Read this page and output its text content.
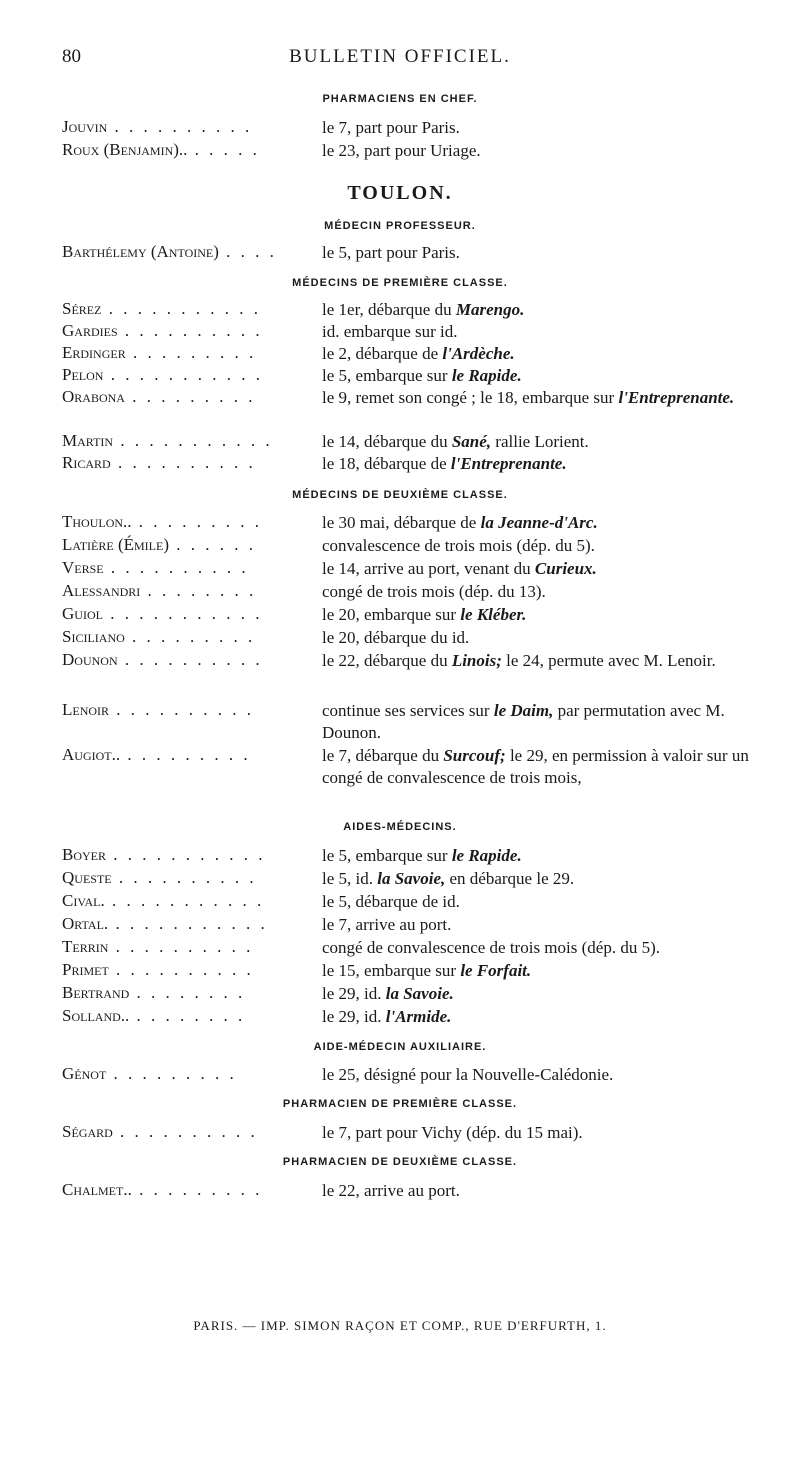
80	BULLETIN OFFICIEL.
PHARMACIENS EN CHEF.
Jouvin . . . . . . . . . .	le 7, part pour Paris.
Roux (Benjamin).. . . . . .	le 23, part pour Uriage.
TOULON.
MÉDECIN PROFESSEUR.
Barthélemy (Antoine) . . . .	le 5, part pour Paris.
MÉDECINS DE PREMIÈRE CLASSE.
Sérez . . . . . . . . . . .	le 1er, débarque du Marengo.
Gardies . . . . . . . . . .	id. embarque sur id.
Erdinger . . . . . . . . .	le 2, débarque de l'Ardèche.
Pelon . . . . . . . . . . .	le 5, embarque sur le Rapide.
Orabona . . . . . . . . .	le 9, remet son congé ; le 18, embarque sur l'Entreprenante.
Martin . . . . . . . . . . .	le 14, débarque du Sané, rallie Lorient.
Ricard . . . . . . . . . .	le 18, débarque de l'Entreprenante.
MÉDECINS DE DEUXIÈME CLASSE.
Thoulon.. . . . . . . . . .	le 30 mai, débarque de la Jeanne-d'Arc.
Latière (Émile) . . . . . .	convalescence de trois mois (dép. du 5).
Verse . . . . . . . . . .	le 14, arrive au port, venant du Curieux.
Alessandri . . . . . . . .	congé de trois mois (dép. du 13).
Guiol . . . . . . . . . . .	le 20, embarque sur le Kléber.
Siciliano . . . . . . . . .	le 20, débarque du id.
Dounon . . . . . . . . . .	le 22, débarque du Linois; le 24, permute avec M. Lenoir.
Lenoir . . . . . . . . . .	continue ses services sur le Daim, par permutation avec M. Dounon.
Augiot.. . . . . . . . . .	le 7, débarque du Surcouf; le 29, en permission à valoir sur un congé de convalescence de trois mois,
AIDES-MÉDECINS.
Boyer . . . . . . . . . . .	le 5, embarque sur le Rapide.
Queste . . . . . . . . . .	le 5, id. la Savoie, en débarque le 29.
Cival. . . . . . . . . . . .	le 5, débarque de id.
Ortal. . . . . . . . . . . .	le 7, arrive au port.
Terrin . . . . . . . . . .	congé de convalescence de trois mois (dép. du 5).
Primet . . . . . . . . . .	le 15, embarque sur le Forfait.
Bertrand . . . . . . . .	le 29, id. la Savoie.
Solland.. . . . . . . . .	le 29, id. l'Armide.
AIDE-MÉDECIN AUXILIAIRE.
Génot . . . . . . . . .	le 25, désigné pour la Nouvelle-Calédonie.
PHARMACIEN DE PREMIÈRE CLASSE.
Ségard . . . . . . . . . .	le 7, part pour Vichy (dép. du 15 mai).
PHARMACIEN DE DEUXIÈME CLASSE.
Chalmet.. . . . . . . . . .	le 22, arrive au port.
PARIS. — IMP. SIMON RAÇON ET COMP., RUE D'ERFURTH, 1.
